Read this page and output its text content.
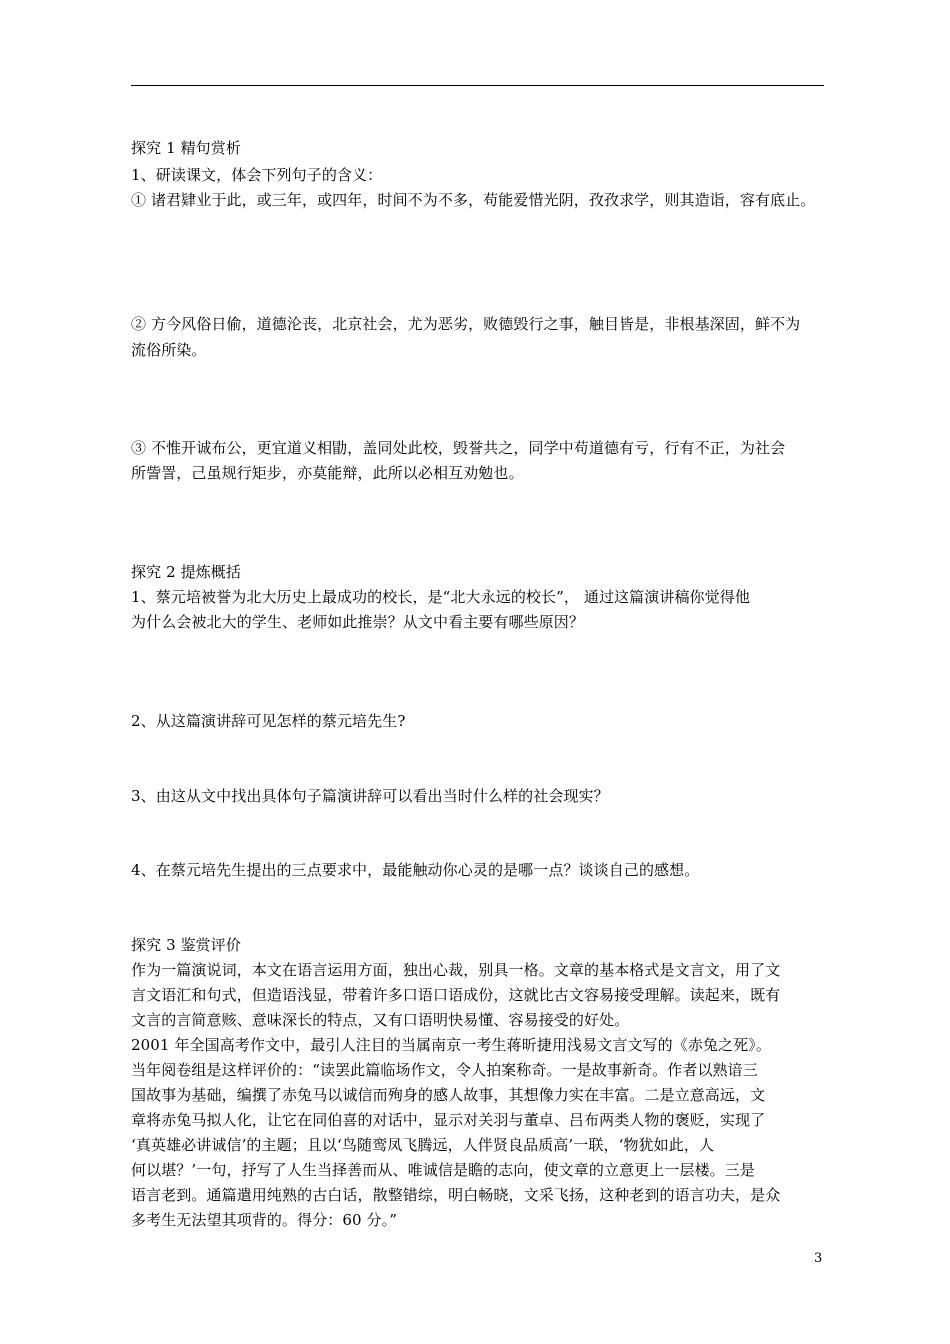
探究 1 精句赏析
1、研读课文，体会下列句子的含义：
① 诸君肄业于此，或三年，或四年，时间不为不多，苟能爱惜光阴，孜孜求学，则其造诣，容有底止。
② 方今风俗日偷，道德沦丧，北京社会，尤为恶劣，败德毁行之事，触目皆是，非根基深固，鲜不为
流俗所染。
③ 不惟开诚布公，更宜道义相勖，盖同处此校，毁誉共之，同学中苟道德有亏，行有不正，为社会
所訾詈，己虽规行矩步，亦莫能辩，此所以必相互劝勉也。
探究 2 提炼概括
1、蔡元培被誉为北大历史上最成功的校长，是“北大永远的校长”， 通过这篇演讲稿你觉得他
为什么会被北大的学生、老师如此推崇？从文中看主要有哪些原因？
2、从这篇演讲辞可见怎样的蔡元培先生?
3、由这从文中找出具体句子篇演讲辞可以看出当时什么样的社会现实？
4、在蔡元培先生提出的三点要求中，最能触动你心灵的是哪一点？谈谈自己的感想。
探究 3 鉴赏评价
作为一篇演说词，本文在语言运用方面，独出心裁，别具一格。文章的基本格式是文言文，用了文
言文语汇和句式，但造语浅显，带着许多口语口语成份，这就比古文容易接受理解。读起来，既有
文言的言简意赅、意味深长的特点，又有口语明快易懂、容易接受的好处。
2001 年全国高考作文中，最引人注目的当属南京一考生蒋昕捷用浅易文言文写的《赤兔之死》。
当年阅卷组是这样评价的：“读罢此篇临场作文，令人拍案称奇。一是故事新奇。作者以熟谙三
国故事为基础，编撰了赤兔马以诚信而殉身的感人故事，其想像力实在丰富。二是立意高远，文
章将赤兔马拟人化，让它在同伯喜的对话中，显示对关羽与董卓、吕布两类人物的褒贬，实现了
‘真英雄必讲诚信’的主题；且以‘鸟随鸾凤飞腾远，人伴贤良品质高’一联，‘物犹如此，人
何以堪？’一句，抒写了人生当择善而从、唯诚信是瞻的志向，使文章的立意更上一层楼。三是
语言老到。通篇遣用纯熟的古白话，散整错综，明白畅晓，文采飞扬，这种老到的语言功夫，是众
多考生无法望其项背的。得分：60 分。”
3
